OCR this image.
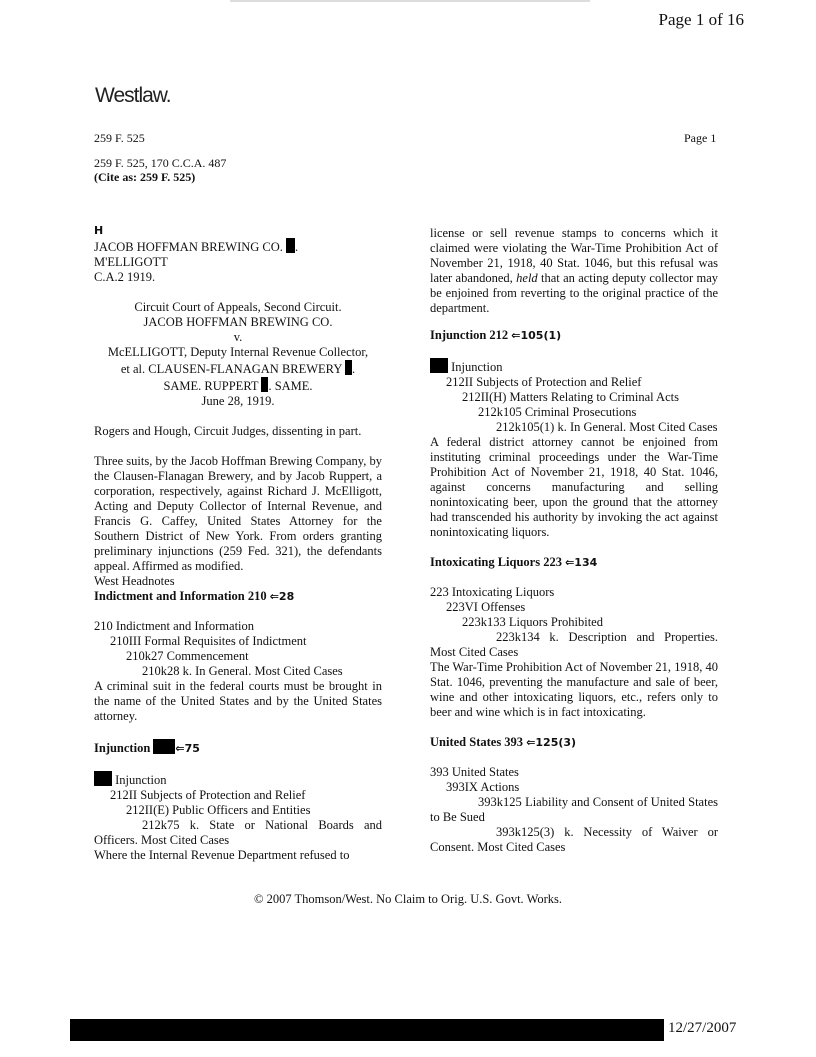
Page 1 of 16
Westlaw.
259 F. 525	Page 1
259 F. 525, 170 C.C.A. 487
(Cite as: 259 F. 525)

H

JACOB HOFFMAN BREWING CO. .

M'ELLIGOTT

C.A.2 1919.

Circuit Court of Appeals, Second Circuit.

JACOB HOFFMAN BREWING CO.

v.

McELLIGOTT, Deputy Internal Revenue Collector,

et al. CLAUSEN-FLANAGAN BREWERY .

SAME. RUPPERT . SAME.

June 28, 1919.

Rogers and Hough, Circuit Judges, dissenting in part.

Three suits, by the Jacob Hoffman Brewing Company, by the Clausen-Flanagan Brewery, and by Jacob Ruppert, a corporation, respectively, against Richard J. McElligott, Acting and Deputy Collector of Internal Revenue, and Francis G. Caffey, United States Attorney for the Southern District of New York. From orders granting preliminary injunctions (259 Fed. 321), the defendants appeal. Affirmed as modified.

West Headnotes

Indictment and Information 210 ⇐28

210 Indictment and Information

210III Formal Requisites of Indictment

210k27 Commencement

210k28 k. In General. Most Cited Cases

A criminal suit in the federal courts must be brought in the name of the United States and by the United States attorney.

Injunction ⇐75

Injunction

212II Subjects of Protection and Relief

212II(E) Public Officers and Entities

212k75 k. State or National Boards and Officers. Most Cited Cases

Where the Internal Revenue Department refused to

license or sell revenue stamps to concerns which it claimed were violating the War-Time Prohibition Act of November 21, 1918, 40 Stat. 1046, but this refusal was later abandoned, held that an acting deputy collector may be enjoined from reverting to the original practice of the department.

Injunction 212 ⇐105(1)

Injunction

212II Subjects of Protection and Relief

212II(H) Matters Relating to Criminal Acts

212k105 Criminal Prosecutions

212k105(1) k. In General. Most Cited Cases

A federal district attorney cannot be enjoined from instituting criminal proceedings under the War-Time Prohibition Act of November 21, 1918, 40 Stat. 1046, against concerns manufacturing and selling nonintoxicating beer, upon the ground that the attorney had transcended his authority by invoking the act against nonintoxicating liquors.

Intoxicating Liquors 223 ⇐134

223 Intoxicating Liquors

223VI Offenses

223k133 Liquors Prohibited

223k134 k. Description and Properties. Most Cited Cases

The War-Time Prohibition Act of November 21, 1918, 40 Stat. 1046, preventing the manufacture and sale of beer, wine and other intoxicating liquors, etc., refers only to beer and wine which is in fact intoxicating.

United States 393 ⇐125(3)

393 United States

393IX Actions

393k125 Liability and Consent of United States to Be Sued

393k125(3) k. Necessity of Waiver or Consent. Most Cited Cases

© 2007 Thomson/West. No Claim to Orig. U.S. Govt. Works.
12/27/2007
